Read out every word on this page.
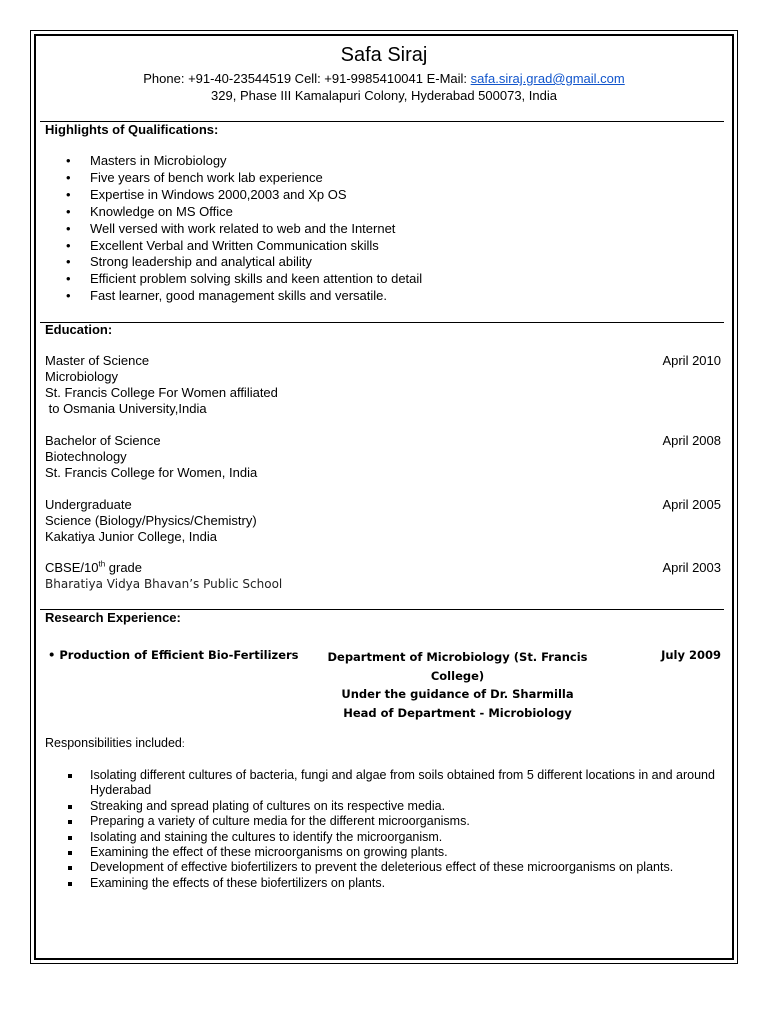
Safa Siraj
Phone: +91-40-23544519 Cell: +91-9985410041 E-Mail: safa.siraj.grad@gmail.com
329, Phase III Kamalapuri Colony, Hyderabad 500073, India
Highlights of Qualifications:
• Masters in Microbiology
• Five years of bench work lab experience
• Expertise in Windows 2000,2003 and Xp OS
• Knowledge on MS Office
• Well versed with work related to web and the Internet
• Excellent Verbal and Written Communication skills
• Strong leadership and analytical ability
• Efficient problem solving skills and keen attention to detail
• Fast learner, good management skills and versatile.
Education:
Master of Science
Microbiology
St. Francis College For Women affiliated
to Osmania University,India
April 2010
Bachelor of Science
Biotechnology
St. Francis College for Women, India
April 2008
Undergraduate
Science (Biology/Physics/Chemistry)
Kakatiya Junior College, India
April 2005
CBSE/10th grade
Bharatiya Vidya Bhavan’s Public School
April 2003
Research Experience:
• Production of Efficient Bio-Fertilizers	Department of Microbiology (St. Francis College)
Under the guidance of Dr. Sharmilla
Head of Department - Microbiology
July 2009
Responsibilities included:
Isolating different cultures of bacteria, fungi and algae from soils obtained from 5 different locations in and around Hyderabad
Streaking and spread plating of cultures on its respective media.
Preparing a variety of culture media for the different microorganisms.
Isolating and staining the cultures to identify the microorganism.
Examining the effect of these microorganisms on growing plants.
Development of effective biofertilizers to prevent the deleterious effect of these microorganisms on plants.
Examining the effects of these biofertilizers on plants.
